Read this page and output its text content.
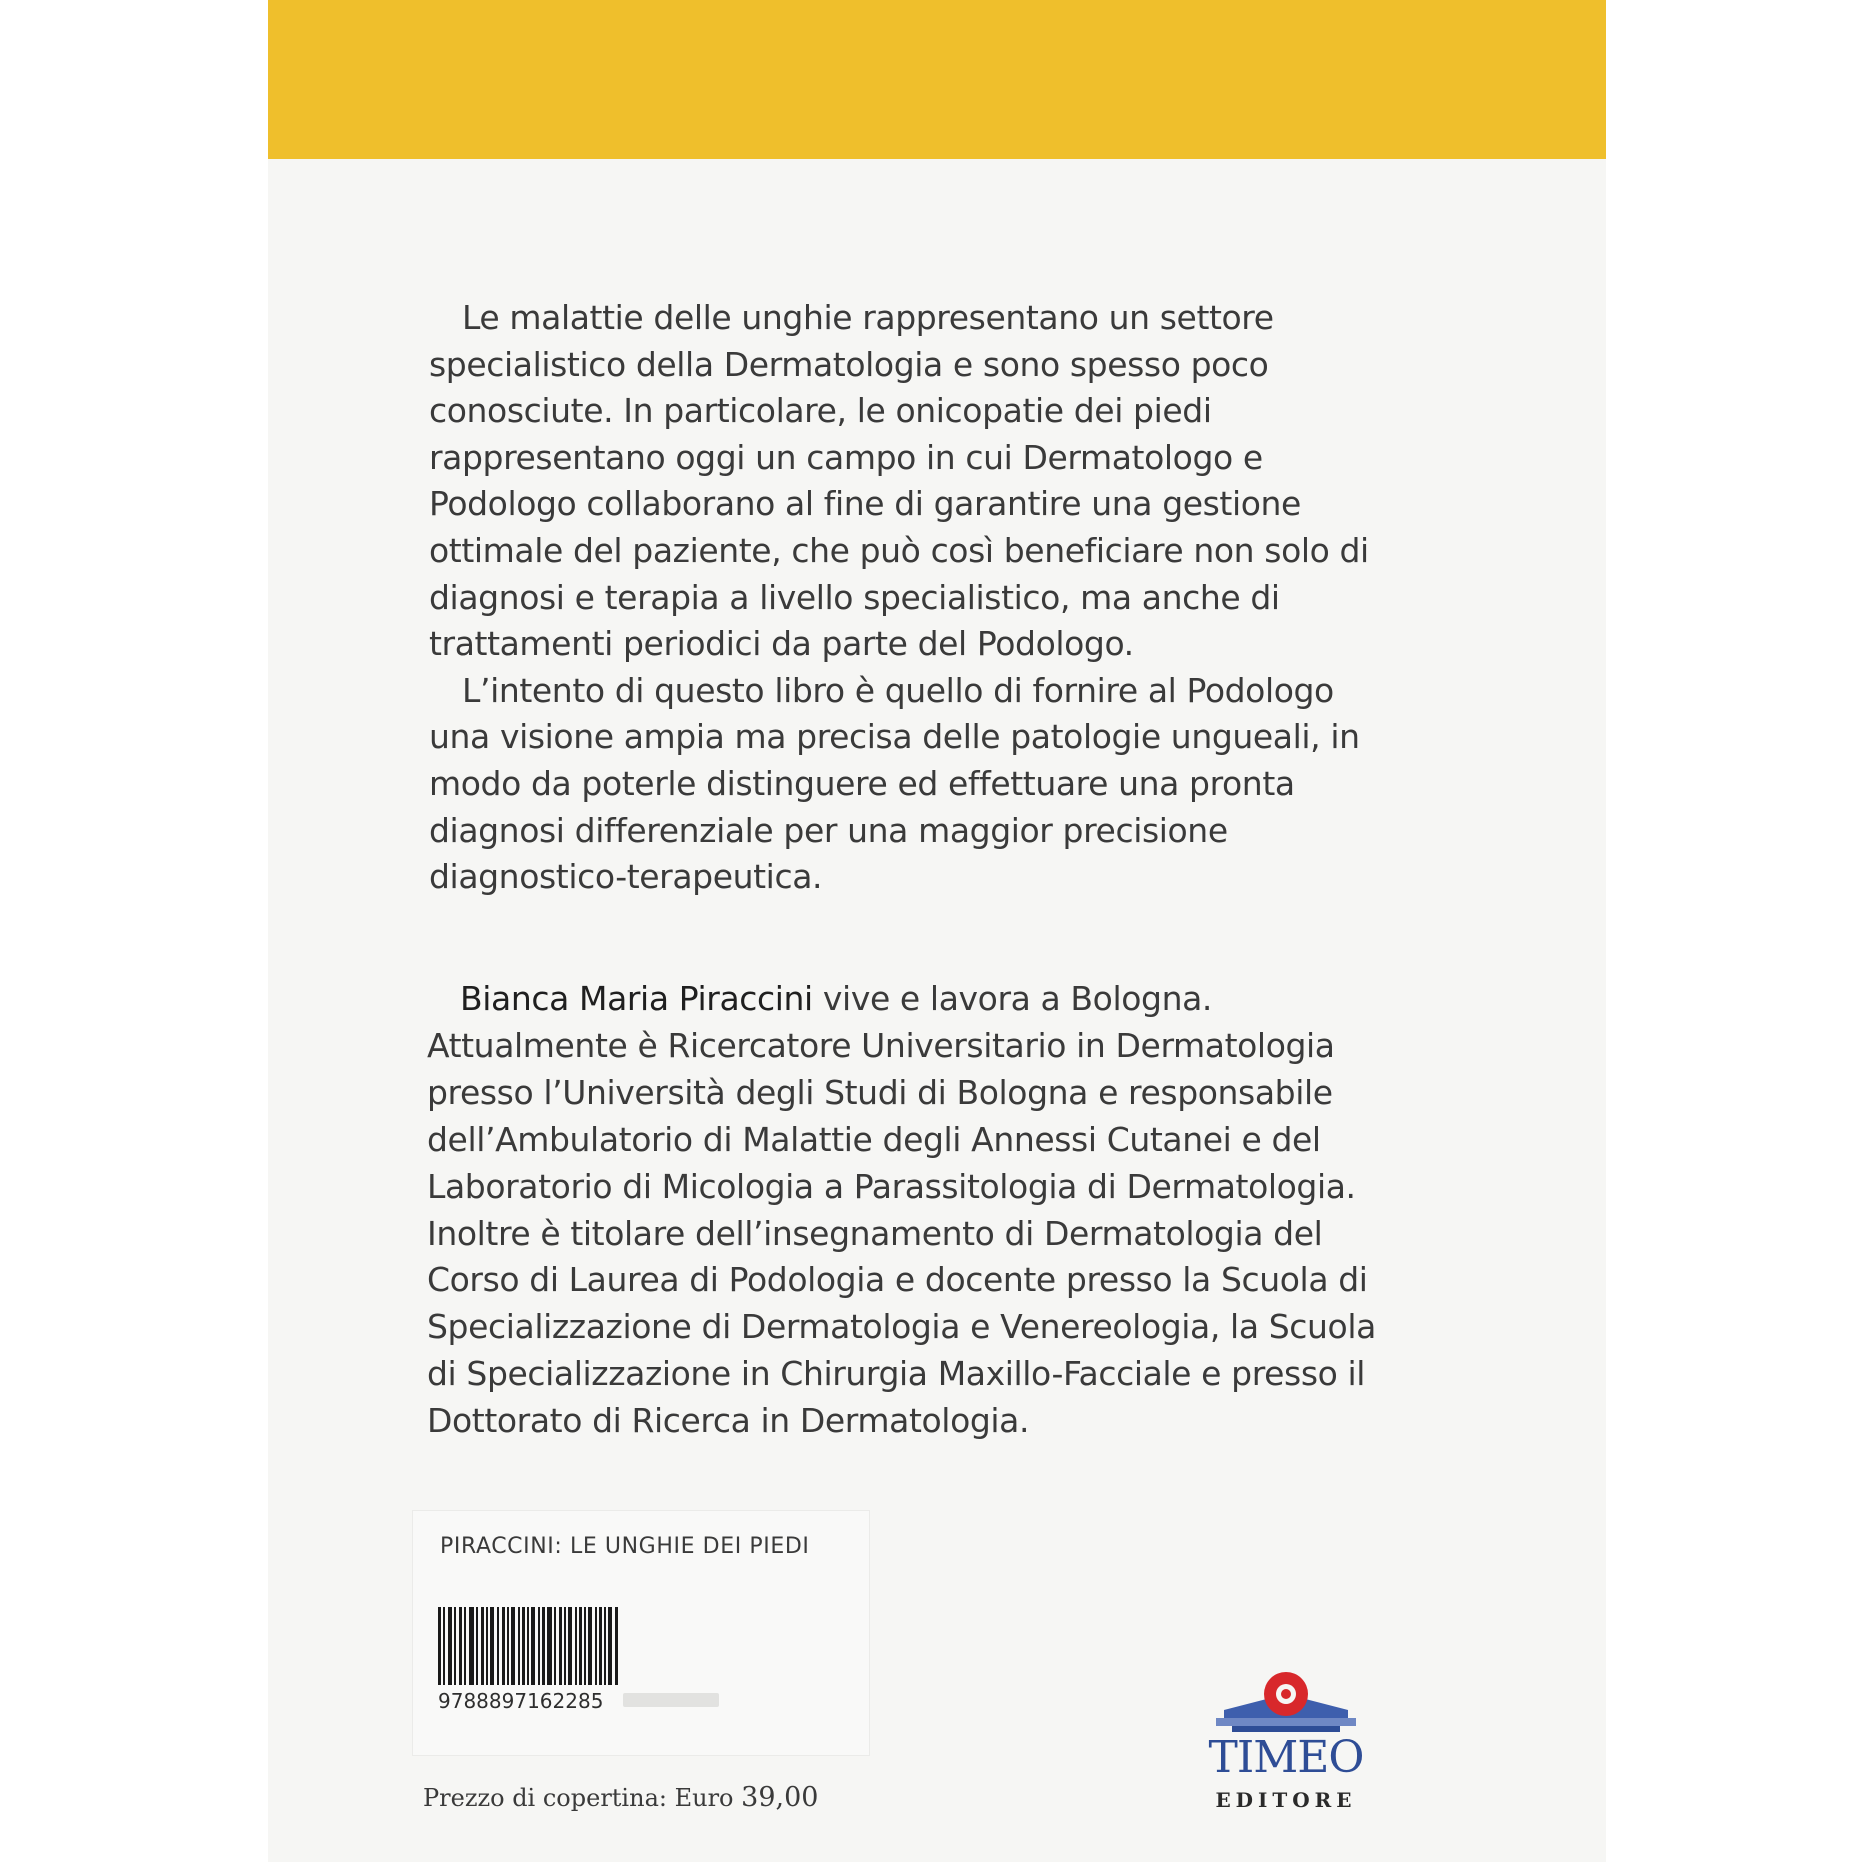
Le malattie delle unghie rappresentano un settore specialistico della Dermatologia e sono spesso poco conosciute. In particolare, le onicopatie dei piedi rappresentano oggi un campo in cui Dermatologo e Podologo collaborano al fine di garantire una gestione ottimale del paziente, che può così beneficiare non solo di diagnosi e terapia a livello specialistico, ma anche di trattamenti periodici da parte del Podologo.

L’intento di questo libro è quello di fornire al Podologo una visione ampia ma precisa delle patologie ungueali, in modo da poterle distinguere ed effettuare una pronta diagnosi differenziale per una maggior precisione diagnostico-terapeutica.

Bianca Maria Piraccini vive e lavora a Bologna. Attualmente è Ricercatore Universitario in Dermatologia presso l’Università degli Studi di Bologna e responsabile dell’Ambulatorio di Malattie degli Annessi Cutanei e del Laboratorio di Micologia a Parassitologia di Dermatologia. Inoltre è titolare dell’insegnamento di Dermatologia del Corso di Laurea di Podologia e docente presso la Scuola di Specializzazione di Dermatologia e Venereologia, la Scuola di Specializzazione in Chirurgia Maxillo-Facciale e presso il Dottorato di Ricerca in Dermatologia.

PIRACCINI: LE UNGHIE DEI PIEDI
9788897162285
Prezzo di copertina: Euro 39,00
TIMEO
EDITORE
